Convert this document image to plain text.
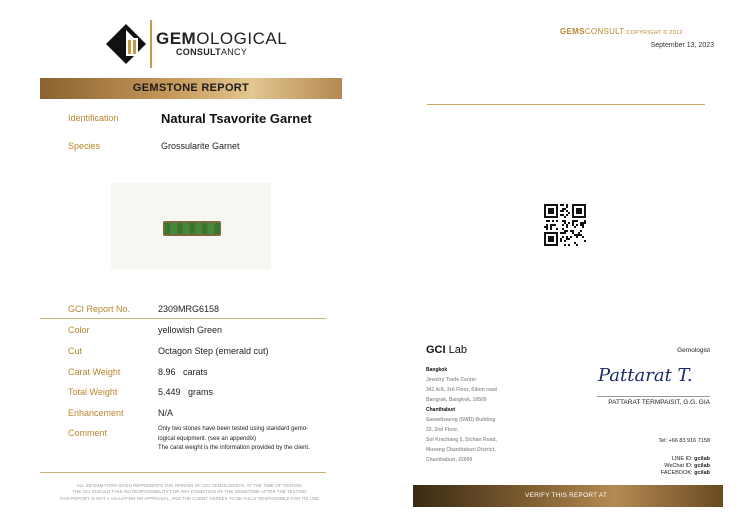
GEMOLOGICAL
CONSULTANCY
GEMSTONE REPORT
Identification	Natural Tsavorite Garnet
Species	Grossularite Garnet
GCI Report No.	2309MRG6158
Color	yellowish Green
Cut	Octagon Step (emerald cut)
Carat Weight	8.96   carats
Total Weight	5.449   grams
Enhancement	N/A
Comment	Only two stones have been tested using standard gemo-
logical equipment. (see an appendix)
The carat weight is the information provided by the client.
ALL INFORMATION GIVEN REPRESENTS THE OPINION OF GCI GEMOLOGISTS, AT THE TIME OF TESTING.
THE GCI SHOULD TAKE NO RESPONSIBILITY FOR ANY CONDITION OF THE GEMSTONE AFTER THE TESTING.
THIS REPORT IS NOT A VALUATION OR APPRAISAL, AND THE CLIENT AGREES TO BE FULLY RESPONSIBLE FOR ITS USE.
GEMSCONSULT COPYRIGHT © 2012
September 13, 2023
GCI Lab
Bangkok
Jewelry Trade Center
341 A/A, 3rd Floor, Silom road
Bangrak, Bangkok, 10500
Chanthaburi
Sawadisaeng (SWD) Building
33, 2nd Floor,
Soi Krachang 5, Sichan Road,
Mueang Chanthaburi District,
Chanthaburi, 22000
Gemologist
Pattarat T.
PATTARAT TERMPAISIT, G.G. GIA
Tel: +66 83 916 7158
LINE ID: gcilab
WeChat ID: gcilab
FACEBOOK: gcilab
VERIFY THIS REPORT AT
WWW.GCILAB.COM
